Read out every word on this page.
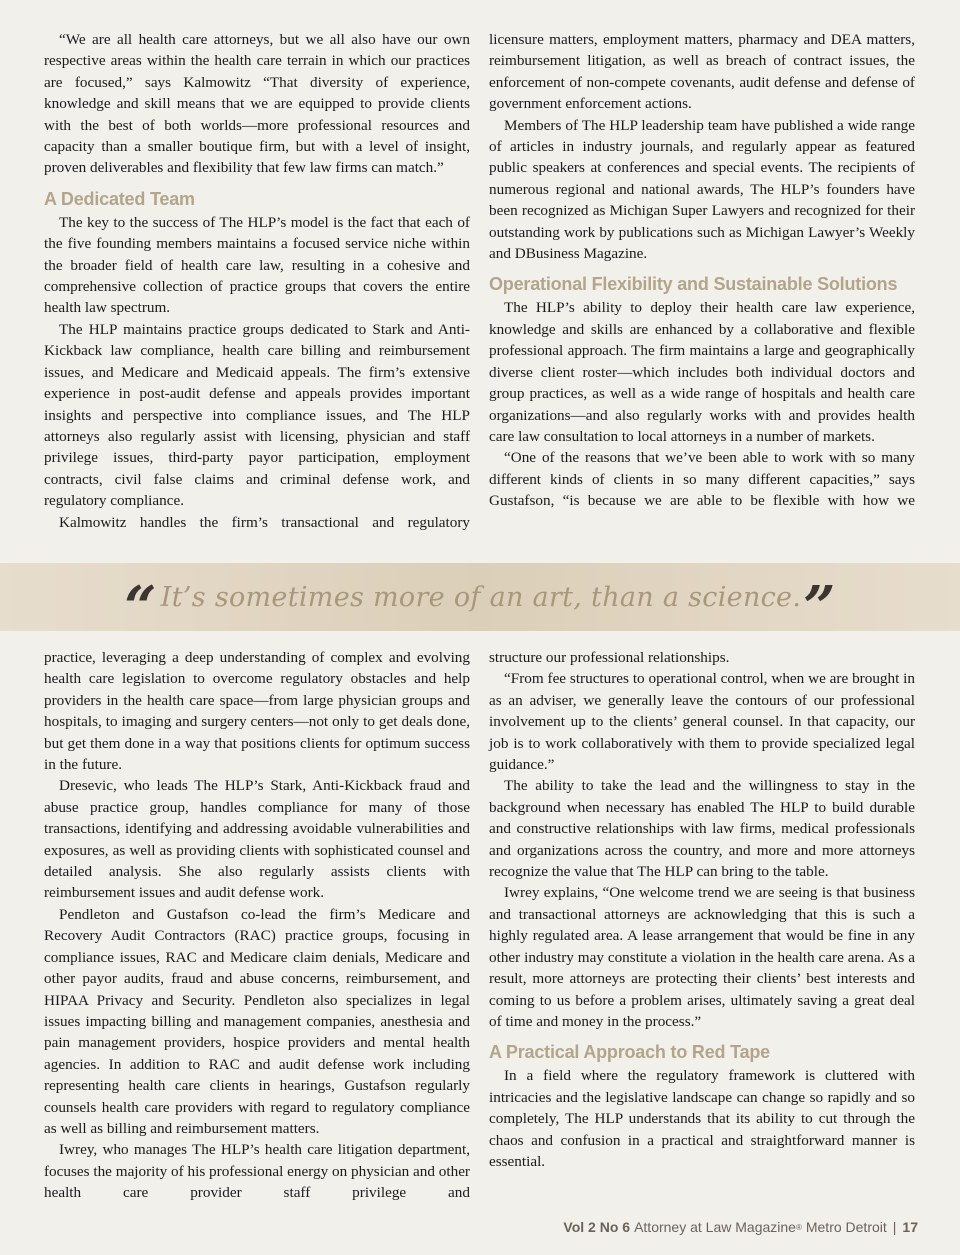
“We are all health care attorneys, but we all also have our own respective areas within the health care terrain in which our practices are focused,” says Kalmowitz “That diversity of experience, knowledge and skill means that we are equipped to provide clients with the best of both worlds—more professional resources and capacity than a smaller boutique firm, but with a level of insight, proven deliverables and flexibility that few law firms can match.”

A Dedicated Team

The key to the success of The HLP’s model is the fact that each of the five founding members maintains a focused service niche within the broader field of health care law, resulting in a cohesive and comprehensive collection of practice groups that covers the entire health law spectrum.

The HLP maintains practice groups dedicated to Stark and Anti-Kickback law compliance, health care billing and reimbursement issues, and Medicare and Medicaid appeals. The firm’s extensive experience in post-audit defense and appeals provides important insights and perspective into compliance issues, and The HLP attorneys also regularly assist with licensing, physician and staff privilege issues, third-party payor participation, employment contracts, civil false claims and criminal defense work, and regulatory compliance.

Kalmowitz handles the firm’s transactional and regulatory

licensure matters, employment matters, pharmacy and DEA matters, reimbursement litigation, as well as breach of contract issues, the enforcement of non-compete covenants, audit defense and defense of government enforcement actions.

Members of The HLP leadership team have published a wide range of articles in industry journals, and regularly appear as featured public speakers at conferences and special events. The recipients of numerous regional and national awards, The HLP’s founders have been recognized as Michigan Super Lawyers and recognized for their outstanding work by publications such as Michigan Lawyer’s Weekly and DBusiness Magazine.

Operational Flexibility and Sustainable Solutions

The HLP’s ability to deploy their health care law experience, knowledge and skills are enhanced by a collaborative and flexible professional approach. The firm maintains a large and geographically diverse client roster—which includes both individual doctors and group practices, as well as a wide range of hospitals and health care organizations—and also regularly works with and provides health care law consultation to local attorneys in a number of markets.

“One of the reasons that we’ve been able to work with so many different kinds of clients in so many different capacities,” says Gustafson, “is because we are able to be flexible with how we

“ It’s sometimes more of an art, than a science. ”

practice, leveraging a deep understanding of complex and evolving health care legislation to overcome regulatory obstacles and help providers in the health care space—from large physician groups and hospitals, to imaging and surgery centers—not only to get deals done, but get them done in a way that positions clients for optimum success in the future.

Dresevic, who leads The HLP’s Stark, Anti-Kickback fraud and abuse practice group, handles compliance for many of those transactions, identifying and addressing avoidable vulnerabilities and exposures, as well as providing clients with sophisticated counsel and detailed analysis. She also regularly assists clients with reimbursement issues and audit defense work.

Pendleton and Gustafson co-lead the firm’s Medicare and Recovery Audit Contractors (RAC) practice groups, focusing in compliance issues, RAC and Medicare claim denials, Medicare and other payor audits, fraud and abuse concerns, reimbursement, and HIPAA Privacy and Security. Pendleton also specializes in legal issues impacting billing and management companies, anesthesia and pain management providers, hospice providers and mental health agencies. In addition to RAC and audit defense work including representing health care clients in hearings, Gustafson regularly counsels health care providers with regard to regulatory compliance as well as billing and reimbursement matters.

Iwrey, who manages The HLP’s health care litigation department, focuses the majority of his professional energy on physician and other health care provider staff privilege and

structure our professional relationships.

“From fee structures to operational control, when we are brought in as an adviser, we generally leave the contours of our professional involvement up to the clients’ general counsel. In that capacity, our job is to work collaboratively with them to provide specialized legal guidance.”

The ability to take the lead and the willingness to stay in the background when necessary has enabled The HLP to build durable and constructive relationships with law firms, medical professionals and organizations across the country, and more and more attorneys recognize the value that The HLP can bring to the table.

Iwrey explains, “One welcome trend we are seeing is that business and transactional attorneys are acknowledging that this is such a highly regulated area. A lease arrangement that would be fine in any other industry may constitute a violation in the health care arena. As a result, more attorneys are protecting their clients’ best interests and coming to us before a problem arises, ultimately saving a great deal of time and money in the process.”

A Practical Approach to Red Tape

In a field where the regulatory framework is cluttered with intricacies and the legislative landscape can change so rapidly and so completely, The HLP understands that its ability to cut through the chaos and confusion in a practical and straightforward manner is essential.

Vol 2 No 6 Attorney at Law Magazine ® Metro Detroit | 17
